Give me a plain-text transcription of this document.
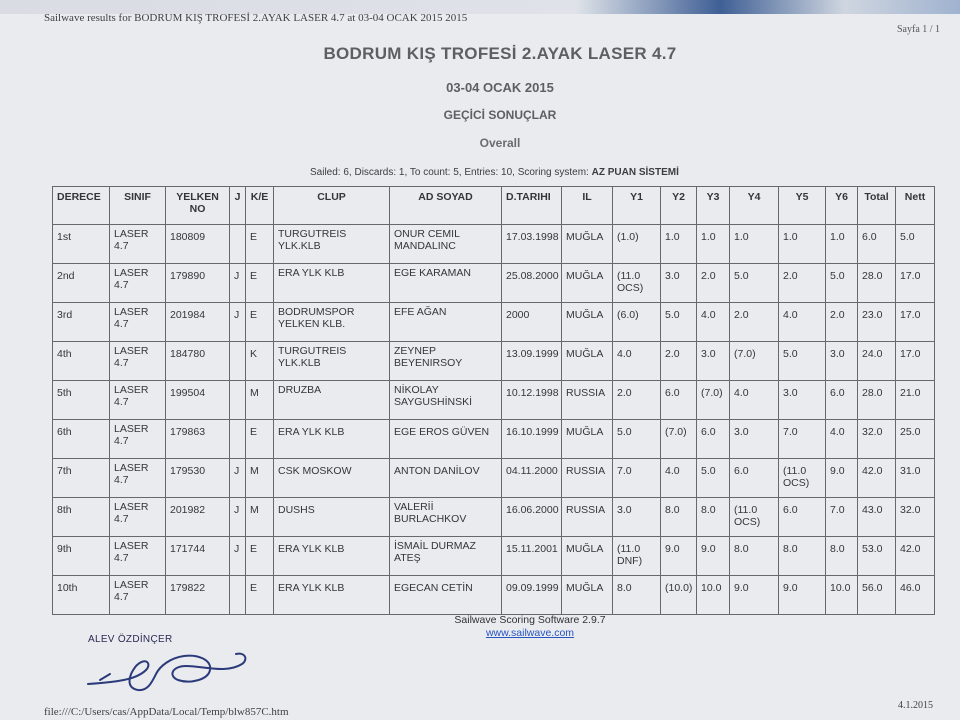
Sailwave results for BODRUM KIŞ TROFESİ 2.AYAK LASER 4.7 at 03-04 OCAK 2015 2015
Sayfa 1 / 1
BODRUM KIŞ TROFESİ 2.AYAK LASER 4.7
03-04 OCAK 2015
GEÇİCİ SONUÇLAR
Overall
Sailed: 6, Discards: 1, To count: 5, Entries: 10, Scoring system: AZ PUAN SİSTEMİ
DERECE	SINIF	YELKEN NO	J	K/E	CLUP	AD SOYAD	D.TARIHI	IL	Y1	Y2	Y3	Y4	Y5	Y6	Total	Nett
1st	LASER 4.7	180809		E	TURGUTREIS YLK.KLB	ONUR CEMIL MANDALINC	17.03.1998	MUĞLA	(1.0)	1.0	1.0	1.0	1.0	1.0	6.0	5.0
2nd	LASER 4.7	179890	J	E	ERA YLK KLB	EGE KARAMAN	25.08.2000	MUĞLA	(11.0 OCS)	3.0	2.0	5.0	2.0	5.0	28.0	17.0
3rd	LASER 4.7	201984	J	E	BODRUMSPOR YELKEN KLB.	EFE AĞAN	2000	MUĞLA	(6.0)	5.0	4.0	2.0	4.0	2.0	23.0	17.0
4th	LASER 4.7	184780		K	TURGUTREIS YLK.KLB	ZEYNEP BEYENIRSOY	13.09.1999	MUĞLA	4.0	2.0	3.0	(7.0)	5.0	3.0	24.0	17.0
5th	LASER 4.7	199504		M	DRUZBA	NİKOLAY SAYGUSHİNSKİ	10.12.1998	RUSSIA	2.0	6.0	(7.0)	4.0	3.0	6.0	28.0	21.0
6th	LASER 4.7	179863		E	ERA YLK KLB	EGE EROS GÜVEN	16.10.1999	MUĞLA	5.0	(7.0)	6.0	3.0	7.0	4.0	32.0	25.0
7th	LASER 4.7	179530	J	M	CSK MOSKOW	ANTON DANİLOV	04.11.2000	RUSSIA	7.0	4.0	5.0	6.0	(11.0 OCS)	9.0	42.0	31.0
8th	LASER 4.7	201982	J	M	DUSHS	VALERİİ BURLACHKOV	16.06.2000	RUSSIA	3.0	8.0	8.0	(11.0 OCS)	6.0	7.0	43.0	32.0
9th	LASER 4.7	171744	J	E	ERA YLK KLB	İSMAİL DURMAZ ATEŞ	15.11.2001	MUĞLA	(11.0 DNF)	9.0	9.0	8.0	8.0	8.0	53.0	42.0
10th	LASER 4.7	179822		E	ERA YLK KLB	EGECAN CETİN	09.09.1999	MUĞLA	8.0	(10.0)	10.0	9.0	9.0	10.0	56.0	46.0
Sailwave Scoring Software 2.9.7
www.sailwave.com
ALEV ÖZDİNÇER
file:///C:/Users/cas/AppData/Local/Temp/blw857C.htm
4.1.2015
